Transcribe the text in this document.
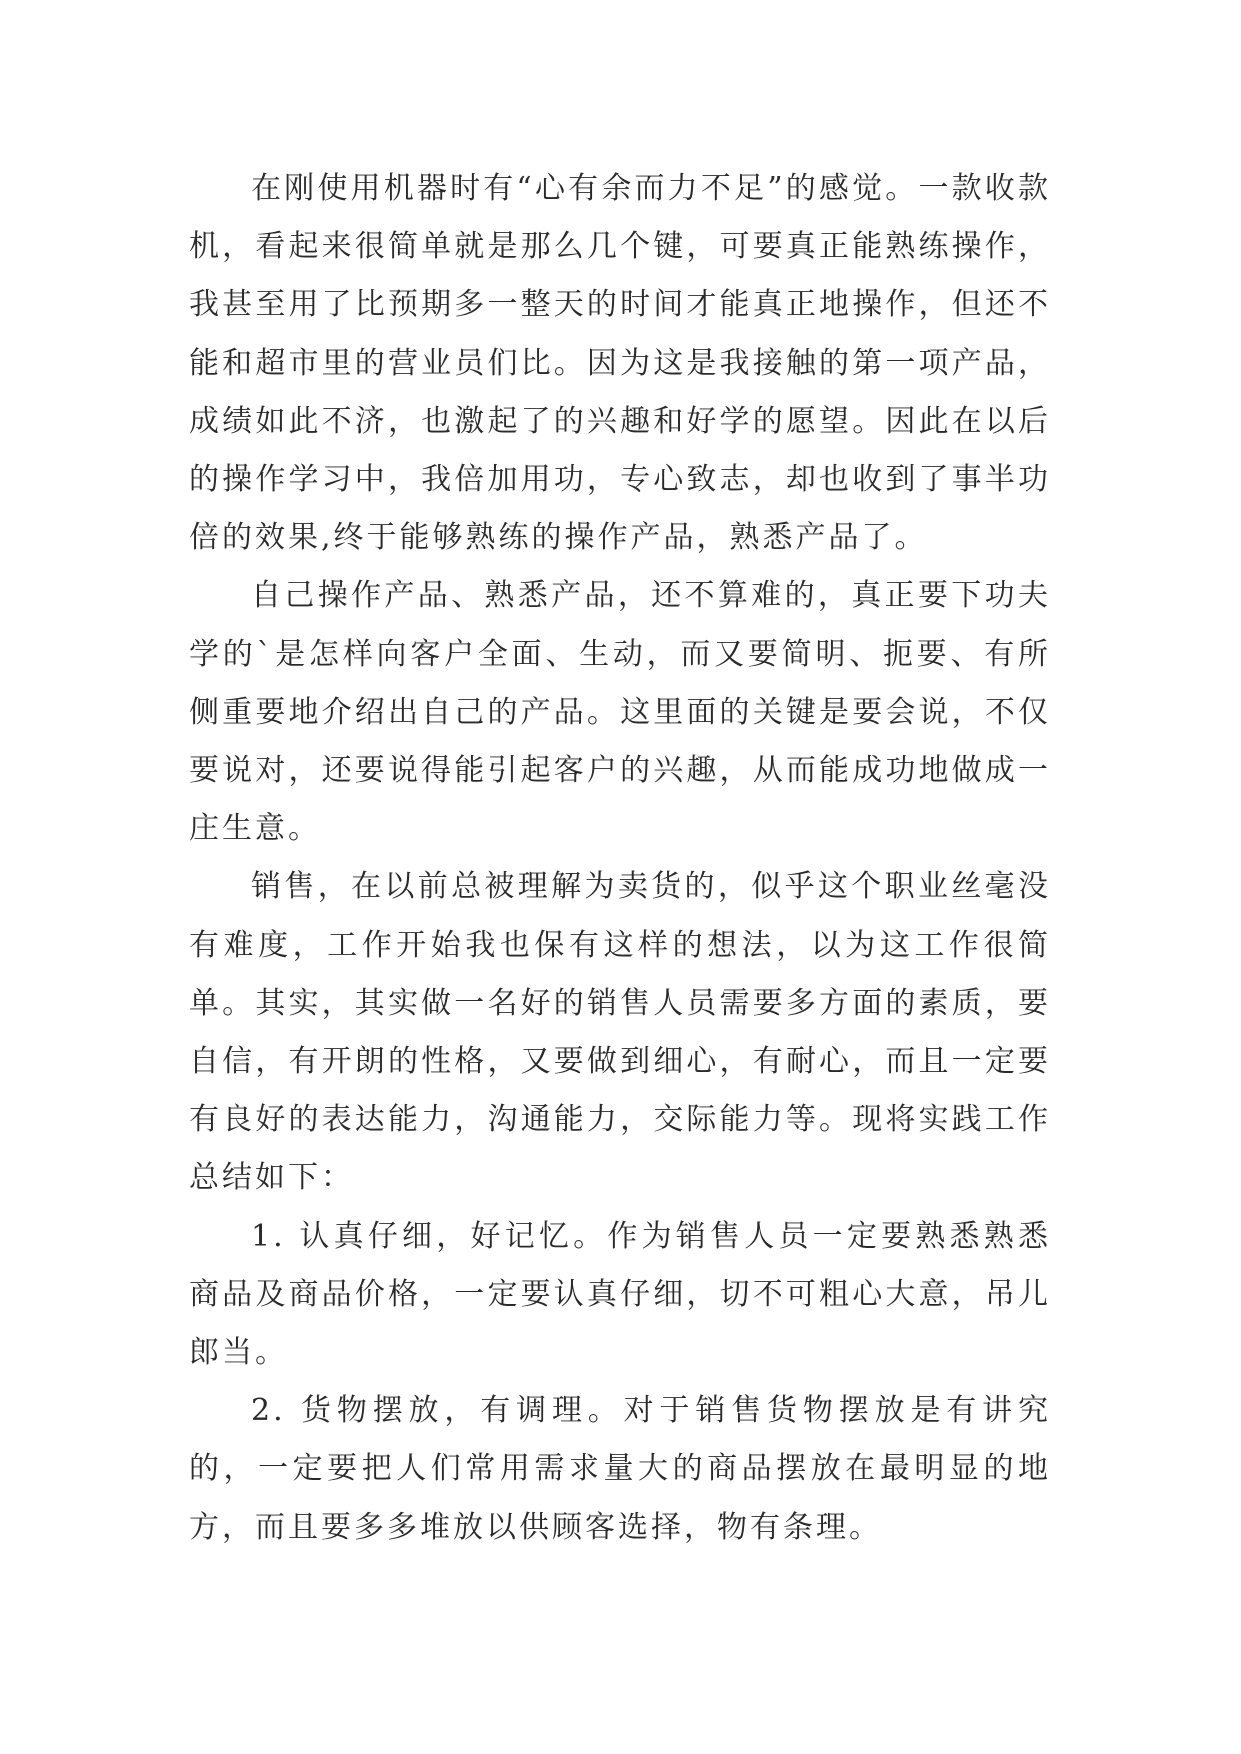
在刚使用机器时有“心有余而力不足”的感觉。一款收款机，看起来很简单就是那么几个键，可要真正能熟练操作，我甚至用了比预期多一整天的时间才能真正地操作，但还不能和超市里的营业员们比。因为这是我接触的第一项产品，成绩如此不济，也激起了的兴趣和好学的愿望。因此在以后的操作学习中，我倍加用功，专心致志，却也收到了事半功倍的效果,终于能够熟练的操作产品，熟悉产品了。

自己操作产品、熟悉产品，还不算难的，真正要下功夫学的`是怎样向客户全面、生动，而又要简明、扼要、有所侧重要地介绍出自己的产品。这里面的关键是要会说，不仅要说对，还要说得能引起客户的兴趣，从而能成功地做成一庄生意。

销售，在以前总被理解为卖货的，似乎这个职业丝毫没有难度，工作开始我也保有这样的想法，以为这工作很简单。其实，其实做一名好的销售人员需要多方面的素质，要自信，有开朗的性格，又要做到细心，有耐心，而且一定要有良好的表达能力，沟通能力，交际能力等。现将实践工作总结如下：

1. 认真仔细，好记忆。作为销售人员一定要熟悉熟悉商品及商品价格，一定要认真仔细，切不可粗心大意，吊儿郎当。

2. 货物摆放，有调理。对于销售货物摆放是有讲究的，一定要把人们常用需求量大的商品摆放在最明显的地方，而且要多多堆放以供顾客选择，物有条理。
